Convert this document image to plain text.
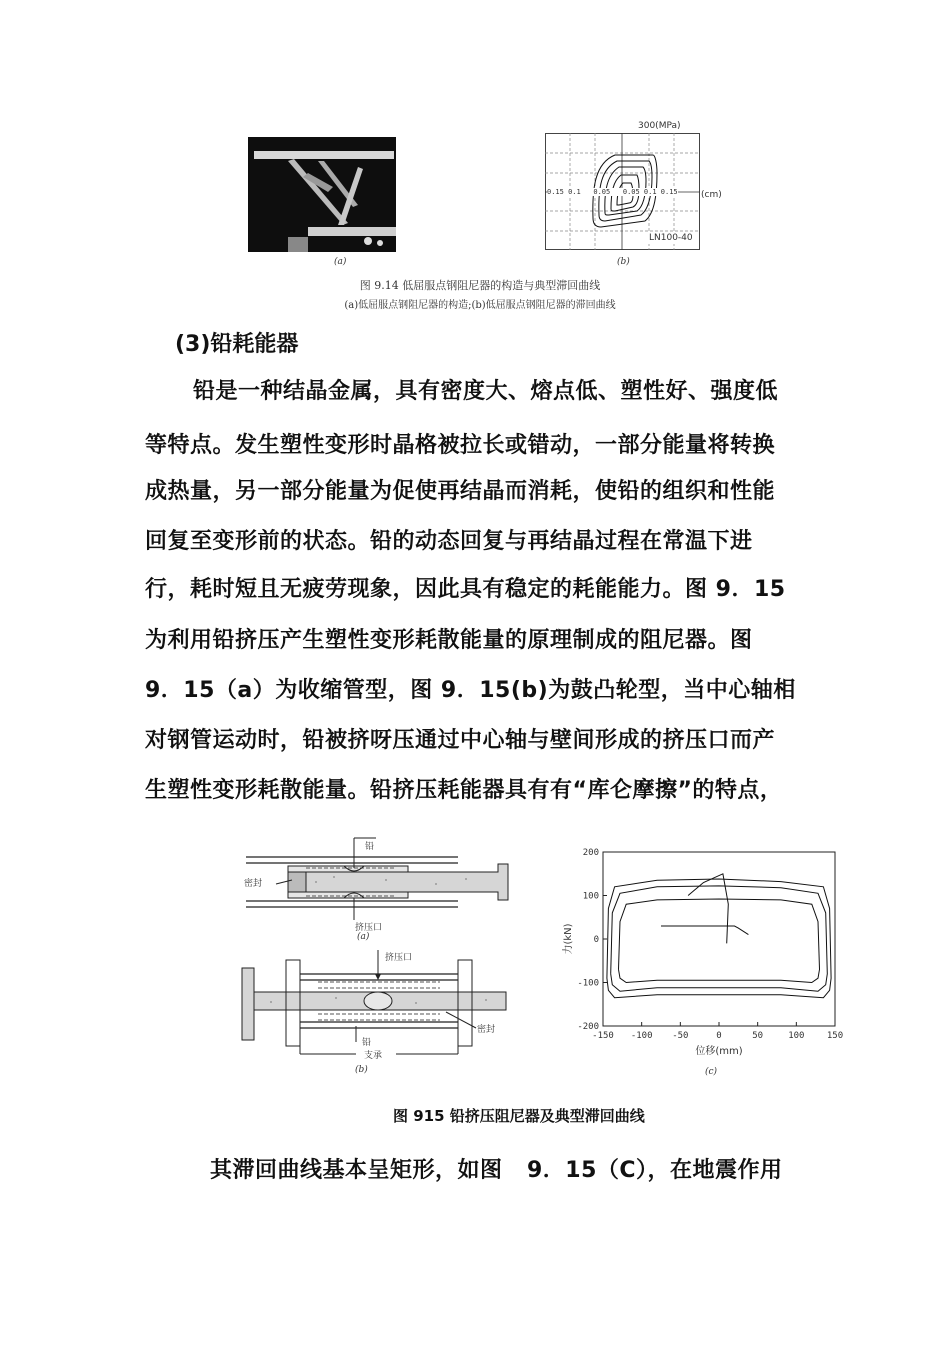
(a)
300(MPa)
0.15 0.1   0.05   0.05 0.1 0.15
LN100-40
(cm)
(b)
图 9.14 低屈服点钢阻尼器的构造与典型滞回曲线
(a)低屈服点钢阻尼器的构造;(b)低屈服点钢阻尼器的滞回曲线
(3)铅耗能器
铅是一种结晶金属，具有密度大、熔点低、塑性好、强度低
等特点。发生塑性变形时晶格被拉长或错动，一部分能量将转换
成热量，另一部分能量为促使再结晶而消耗，使铅的组织和性能
回复至变形前的状态。铅的动态回复与再结晶过程在常温下进
行，耗时短且无疲劳现象，因此具有稳定的耗能能力。图 9．15
为利用铅挤压产生塑性变形耗散能量的原理制成的阻尼器。图
9．15（a）为收缩管型，图 9．15(b)为鼓凸轮型，当中心轴相
对钢管运动时，铅被挤呀压通过中心轴与壁间形成的挤压口而产
生塑性变形耗散能量。铅挤压耗能器具有有“库仑摩擦”的特点，
铅
密封
挤压口
(a)
挤压口
铅
密封
支承
(b)
200
100
0
-100
-200
-150 -100 -50	0	50	100 150
位移(mm)
力(kN)
(c)
图 915 铅挤压阻尼器及典型滞回曲线
其滞回曲线基本呈矩形，如图   9．15（C），在地震作用
